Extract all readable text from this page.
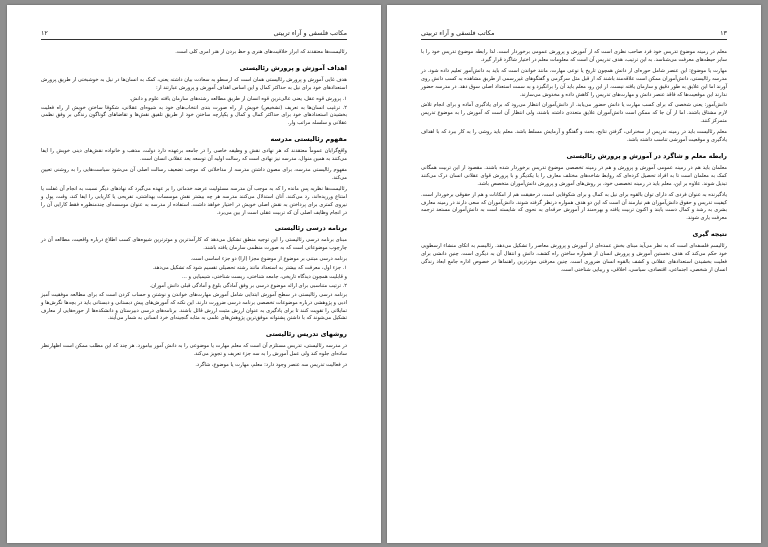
مکاتب فلسفی و آراء تربیتی
۱۲

رئالیست‌ها معتقدند که ابراز خلاقیت‌های هنری و حظ بردن از هنر امری کلی است.

اهداف آموزش و پرورش رئالیستی

هدف غایی آموزش و پرورش رئالیستی همان است که ارسطو به سعادت بیان داشته یعنی، کمک به انسان‌ها در نیل به خوشبختی از طریق پرورش استعدادهای خود برای نیل به حداکثر کمال و این اساس اهداف آموزش و پرورش عبارتند از:

۱. پرورش قوه عقل، یعنی عالی‌ترین قوه انسان از طریق مطالعه رشته‌های سازمان یافته علوم و دانش.

۲. ترغیب انسان‌ها به تعریف (تشخیص) خویش از راه صورت بندی انتخاب‌های خود به شیوه‌ای عقلانی، شکوفا ساختن خویش از راه فعلیت بخشیدن استعدادهای خود برای حداکثر کمال و کمال و یکپارچه ساختن خود از طریق تلفیق نقش‌ها و تقاضاهای گوناگون زندگی بر وفق نظمی عقلانی و سلسله مراتب وار.

مفهوم رئالیستی مدرسه

واقع‌گرایان عموماً معتقدند که هر نهادی نقش و وظیفه خاصی را در جامعه برعهده دارد دولت، مذهب و خانواده نقش‌های دینی خویش را ایفا می‌کنند به همین منوال، مدرسه نیز نهادی است که رسالت اولیه آن توسعه بعد عقلانی انسان است.

مفهوم رئالیستی مدرسه، برای مصون داشتن مدرسه از مداخلاتی که موجب تضعیف رسالت اصلی آن می‌شود سیاست‌هایی را به روشنی تعیین می‌کند.

رئالیست‌ها نظریه پس مانده را که به موجب آن مدرسه مسئولیت عرضه خدماتی را بر عهده می‌گیرد که نهادهای دیگر نسبت به انجام آن غفلت یا امتناع ورزیده‌اند، رد می‌کنند. آنان استدلال می‌کنند مدرسه هر چه بیشتر نقش موسسات بهداشتی، تفریحی یا کاریابی را ایفا کند، وقت، پول و نیروی کمتری برای پرداختن به نقش اصلی خویش در اختیار خواهد داشت. استفاده از مدرسه به عنوان موسسه‌ای چندمنظوره فقط کارایی آن را در انجام وظایف اصلی آن که تربیت عقلی است از بین می‌برد.

برنامه درسی رئالیستی

مبنای برنامه درسی رئالیستی را این توجیه منطق تشکیل می‌دهد که کارآمدترین و موثرترین شیوه‌های کسب اطلاع درباره واقعیت، مطالعه آن در چارچوب موضوعاتی است که به صورت منظمی سازمان یافته باشند.

برنامه درسی مبتنی بر موضوع از موضوع مجزا (ازا) دو جزء اساسی است.

۱. جزء اول، معرفت که بیشتر به استعداد مانند رشته تحصیلی تقسیم شود که تشکیل می‌دهد.

و قابلیت همچون دیدگاه تاریخی، جامعه شناختی، زیست شناختی، شیمیایی و ...

۲. ترتیب متناسبی برای ارائه موضوع درسی بر وفق آمادگی بلوغ و آمادگی قبلی دانش آموزان.

برنامه درسی رئالیستی در سطح آموزش ابتدایی شامل آموزش مهارت‌های خواندن و نوشتن و حساب کردن است که برای مطالعه موفقیت آمیز ادبی و پژوهشی درباره موضوعات تخصصی برنامه درسی ضرورت دارند. این نکته که آموزش‌های پیش دبستانی و دبستانی باید در بچه‌ها نگرش‌ها و تمایلاتی را تقویت کنند تا برای یادگیری به عنوان ارزش مثبت ارزش قائل باشند. برنامه‌های درسی دبیرستان و دانشکده‌ها از حوزه‌هایی از معارف تشکیل می‌شوند که با داشتن پشتوانه موفق‌ترین پژوهش‌های علمی به مثابه گنجینه‌ای خرد انسانی به شمار می‌آیند.

روشهای تدریس رئالیستی

در مدرسه رئالیستی، تدریس مستلزم آن است که معلم مهارت یا موضوعی را به دانش آموز بیاموزد. هر چند که این مطلب ممکن است اظهارنظر ساده‌ای جلوه کند ولی عمل آموزش را به سه جزء تعریف و تجویز می‌کند.

در فعالیت تدریس سه عنصر وجود دارد: معلم، مهارت یا موضوع، شاگرد.

۱۳
مکاتب فلسفی و آراء تربیتی

معلم در زمینه موضوع تدریس خود فرد صاحب نظری است که از آموزش و پرورش عمومی برخوردار است. لذا رابطه موضوع تدریس خود را با سایر حیطه‌های معرفت می‌شناسد. به این ترتیب، هدف تدریس آن است که معلومات معلم در اختیار شاگرد قرار گیرد.

مهارت یا موضوع: این عنصر شامل حوزه‌ای از دانش همچون تاریخ یا نوعی مهارت، مانند خواندن است که باید به دانش‌آموز تعلیم داده شود. در مدرسه رئالیستی، دانش‌آموزان ممکن است علاقه‌مند باشند که از قبل مثل سرگرمی و گفتگوهای غیررسمی از طریق مشاهده به کسب دانش روی آورند اما این علایق به طور دقیق و سازمان یافته نیست. از این رو، معلم باید آن را برانگیزد و به سمت استعداد اصلی سوق دهد. در مدرسه حضور ندارند این موقعیت‌ها که فاقد عنصر دانش و مهارت‌های تدریس را کاهش داده و مخدوش می‌سازند.

دانش‌آموز: یعنی شخصی که برای کسب مهارت یا دانش حضور می‌یابد. از دانش‌آموزان انتظار می‌رود که برای یادگیری آماده و برای انجام تلاش لازم مشتاق باشند. اما از آن جا که ممکن است دانش‌آموزان علایق متعددی داشته باشند، ولی انتظار آن است که آموزش را به موضوع تدریس متمرکز کنند.

معلم رئالیست باید در زمینه تدریس از سخنرانی، گرفتن نتایج، بحث و گفتگو و آزمایش مسلط باشد. معلم باید روشی را به کار ببرد که با اهداف یادگیری و موقعیت آموزشی تناسب داشته باشد.

رابطه معلم و شاگرد در آموزش و پرورش رئالیستی

معلمان باید هم در زمینه عمومی آموزش و پرورش و هم در زمینه تخصصی موضوع تدریس برخوردار شده باشند. مقصود از این تربیت همگانی کمک به معلمان است تا به افراد تحصیل کرده‌ای که روابط شاخه‌های مختلف معارف را با یکدیگر و با پرورش قوای عقلانی انسان درک می‌کنند تبدیل شوند. علاوه بر این، معلم باید در زمینه تخصصی خود، بر روش‌های آموزش و پرورش دانش‌آموزان متخصص باشد.

یادگیرنده به عنوان فردی که دارای توان بالقوه برای نیل به کمال و برای شکوفایی است، درحقیقت هم از امکانات و هم از حقوقی برخوردار است. کیفیت تدریس و حقوق دانش‌آموزان هم نیازمند آن است که این دو هدف همواره درنظر گرفته شوند. دانش‌آموزان که سعی دارند در زمینه معارف بشری به رشد و کمال دست یابند و اکنون تربیت یافته و بهره‌مند از آموزش حرفه‌ای به نحوی که شایسته است به دانش‌آموزان مستعد ترجمه معرفت یاری شوند.

نتیجه گیری

رئالیسم فلسفه‌ای است که به نظر می‌آید مبنای بخش عمده‌ای از آموزش و پرورش معاصر را تشکیل می‌دهد. رئالیسم به اتکای منشاء ارسطویی خود حکم می‌کند که هدف نخستین آموزش و پرورش انسان از همواره ساختن راه کشف، دانش و انتقال آن به دیگری است. چنین دانشی برای فعلیت بخشیدن استعدادهای عقلانی و کشف بالقوه انسان ضروری است. چنین معرفتی موثرترین راهنماها در خصوص اداره جامع ابعاد زندگی انسان از شخصی، اجتماعی، اقتصادی، سیاسی، اخلاقی، و زیبایی شناختی است.
